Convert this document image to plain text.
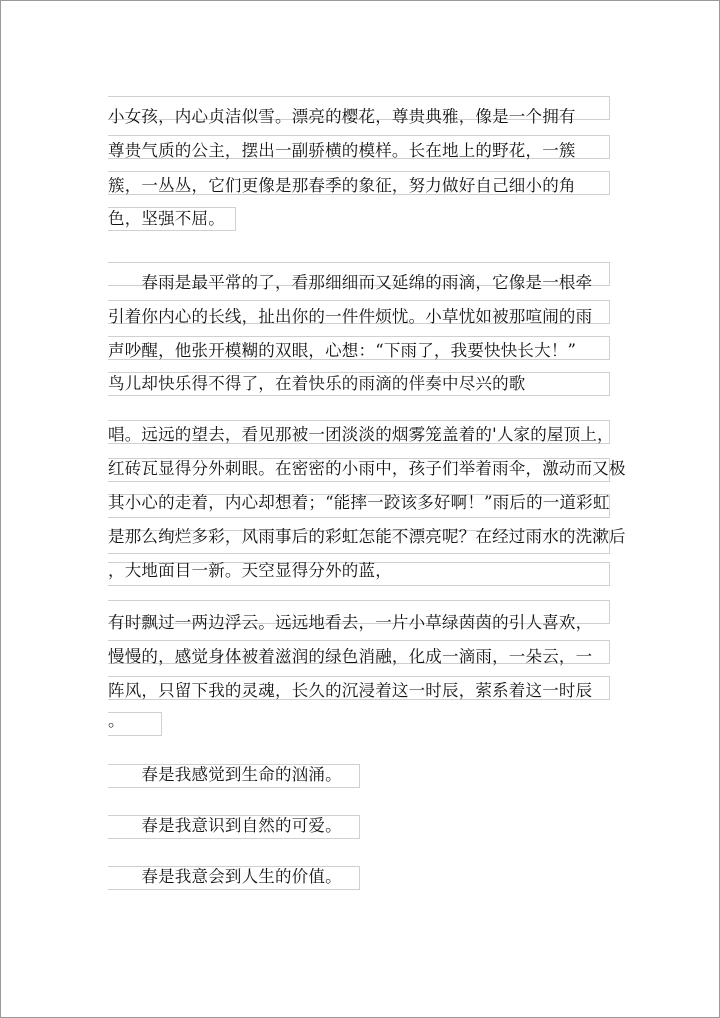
小女孩，内心贞洁似雪。漂亮的樱花，尊贵典雅，像是一个拥有
尊贵气质的公主，摆出一副骄横的模样。长在地上的野花，一簇
簇，一丛丛，它们更像是那春季的象征，努力做好自己细小的角
色，坚强不屈。
　　春雨是最平常的了，看那细细而又延绵的雨滴，它像是一根牵
引着你内心的长线，扯出你的一件件烦忧。小草忧如被那喧闹的雨
声吵醒，他张开模糊的双眼，心想：“下雨了，我要快快长大！”
鸟儿却快乐得不得了，在着快乐的雨滴的伴奏中尽兴的歌
唱。远远的望去，看见那被一团淡淡的烟雾笼盖着的'人家的屋顶上，
红砖瓦显得分外刺眼。在密密的小雨中，孩子们举着雨伞，激动而又极
其小心的走着，内心却想着；“能摔一跤该多好啊！”雨后的一道彩虹
是那么绚烂多彩，风雨事后的彩虹怎能不漂亮呢？在经过雨水的洗漱后
，大地面目一新。天空显得分外的蓝，
有时飘过一两边浮云。远远地看去，一片小草绿茵茵的引人喜欢，
慢慢的，感觉身体被着滋润的绿色消融，化成一滴雨，一朵云，一
阵风，只留下我的灵魂，长久的沉浸着这一时辰，萦系着这一时辰
。
　　春是我感觉到生命的汹涌。
　　春是我意识到自然的可爱。
　　春是我意会到人生的价值。
